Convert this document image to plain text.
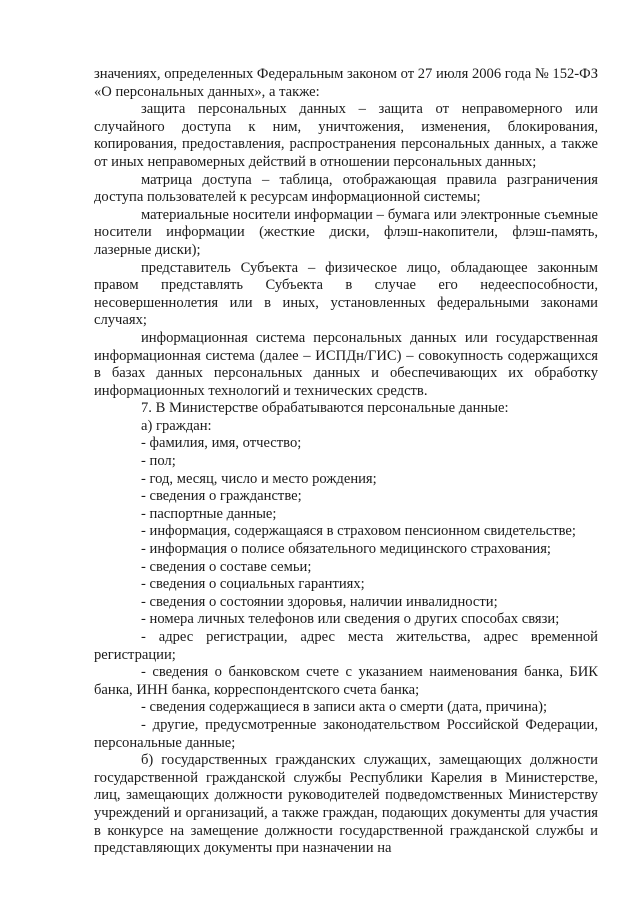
значениях, определенных Федеральным законом от 27 июля 2006 года № 152-ФЗ «О персональных данных», а также:

защита персональных данных – защита от неправомерного или случайного доступа к ним, уничтожения, изменения, блокирования, копирования, предоставления, распространения персональных данных, а также от иных неправомерных действий в отношении персональных данных;

матрица доступа – таблица, отображающая правила разграничения доступа пользователей к ресурсам информационной системы;

материальные носители информации – бумага или электронные съемные носители информации (жесткие диски, флэш-накопители, флэш-память, лазерные диски);

представитель Субъекта – физическое лицо, обладающее законным правом представлять Субъекта в случае его недееспособности, несовершеннолетия или в иных, установленных федеральными законами случаях;

информационная система персональных данных или государственная информационная система (далее – ИСПДн/ГИС) – совокупность содержащихся в базах данных персональных данных и обеспечивающих их обработку информационных технологий и технических средств.

7. В Министерстве обрабатываются персональные данные:

а) граждан:

- фамилия, имя, отчество;

- пол;

- год, месяц, число и место рождения;

- сведения о гражданстве;

- паспортные данные;

- информация, содержащаяся в страховом пенсионном свидетельстве;

- информация о полисе обязательного медицинского страхования;

- сведения о составе семьи;

- сведения о социальных гарантиях;

- сведения о состоянии здоровья, наличии инвалидности;

- номера личных телефонов или сведения о других способах связи;

- адрес регистрации, адрес места жительства, адрес временной регистрации;

- сведения о банковском счете с указанием наименования банка, БИК банка, ИНН банка, корреспондентского счета банка;

- сведения содержащиеся в записи акта о смерти (дата, причина);

- другие, предусмотренные законодательством Российской Федерации, персональные данные;

б) государственных гражданских служащих, замещающих должности государственной гражданской службы Республики Карелия в Министерстве, лиц, замещающих должности руководителей подведомственных Министерству учреждений и организаций, а также граждан, подающих документы для участия в конкурсе на замещение должности государственной гражданской службы и представляющих документы при назначении на
